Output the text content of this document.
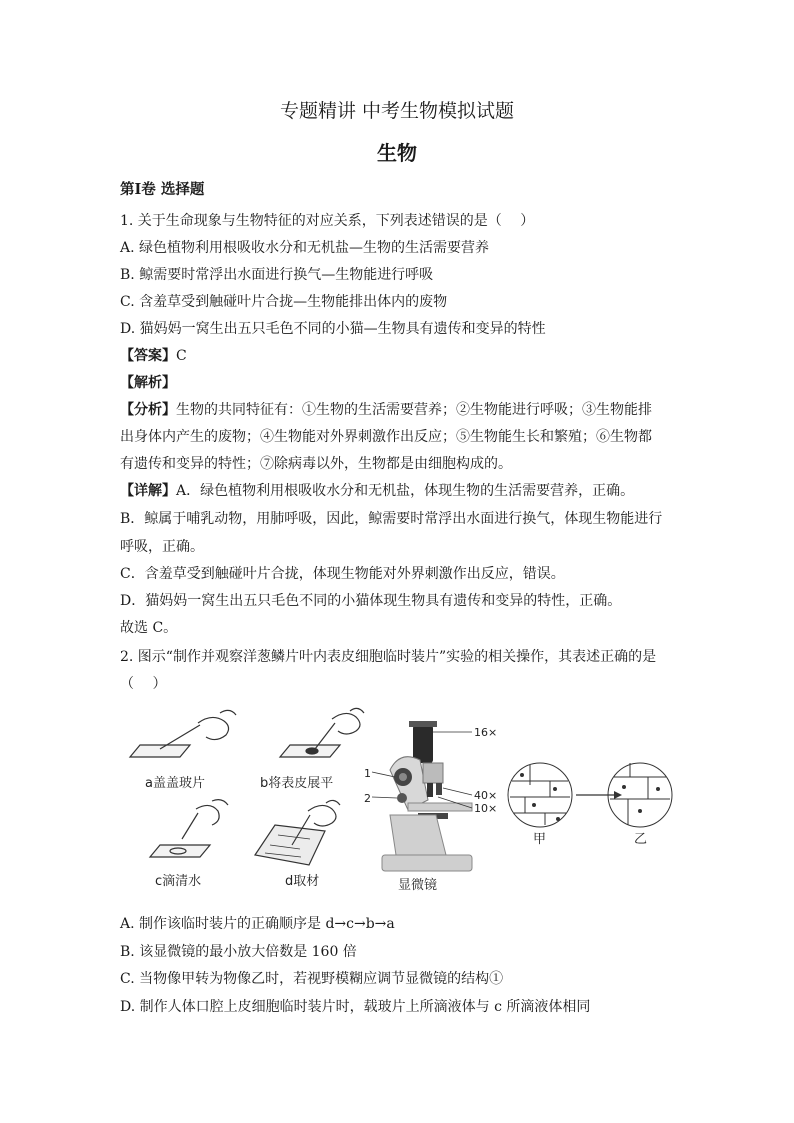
专题精讲 中考生物模拟试题
生物
第Ⅰ卷 选择题
1. 关于生命现象与生物特征的对应关系，下列表述错误的是（　 ）
A. 绿色植物利用根吸收水分和无机盐—生物的生活需要营养
B. 鲸需要时常浮出水面进行换气—生物能进行呼吸
C. 含羞草受到触碰叶片合拢—生物能排出体内的废物
D. 猫妈妈一窝生出五只毛色不同的小猫—生物具有遗传和变异的特性
【答案】C
【解析】
【分析】生物的共同特征有：①生物的生活需要营养；②生物能进行呼吸；③生物能排
出身体内产生的废物；④生物能对外界刺激作出反应；⑤生物能生长和繁殖；⑥生物都
有遗传和变异的特性；⑦除病毒以外，生物都是由细胞构成的。
【详解】A．绿色植物利用根吸收水分和无机盐，体现生物的生活需要营养，正确。
B．鲸属于哺乳动物，用肺呼吸，因此，鲸需要时常浮出水面进行换气，体现生物能进行
呼吸，正确。
C．含羞草受到触碰叶片合拢，体现生物能对外界刺激作出反应，错误。
D．猫妈妈一窝生出五只毛色不同的小猫体现生物具有遗传和变异的特性，正确。
故选 C。
2. 图示“制作并观察洋葱鳞片叶内表皮细胞临时装片”实验的相关操作，其表述正确的是
（　 ）
a盖盖玻片	b将表皮展平
c滴清水	d取材
16×
40×
10×
1
2
显微镜
甲	乙
A. 制作该临时装片的正确顺序是 d→c→b→a
B. 该显微镜的最小放大倍数是 160 倍
C. 当物像甲转为物像乙时，若视野模糊应调节显微镜的结构①
D. 制作人体口腔上皮细胞临时装片时，载玻片上所滴液体与 c 所滴液体相同
